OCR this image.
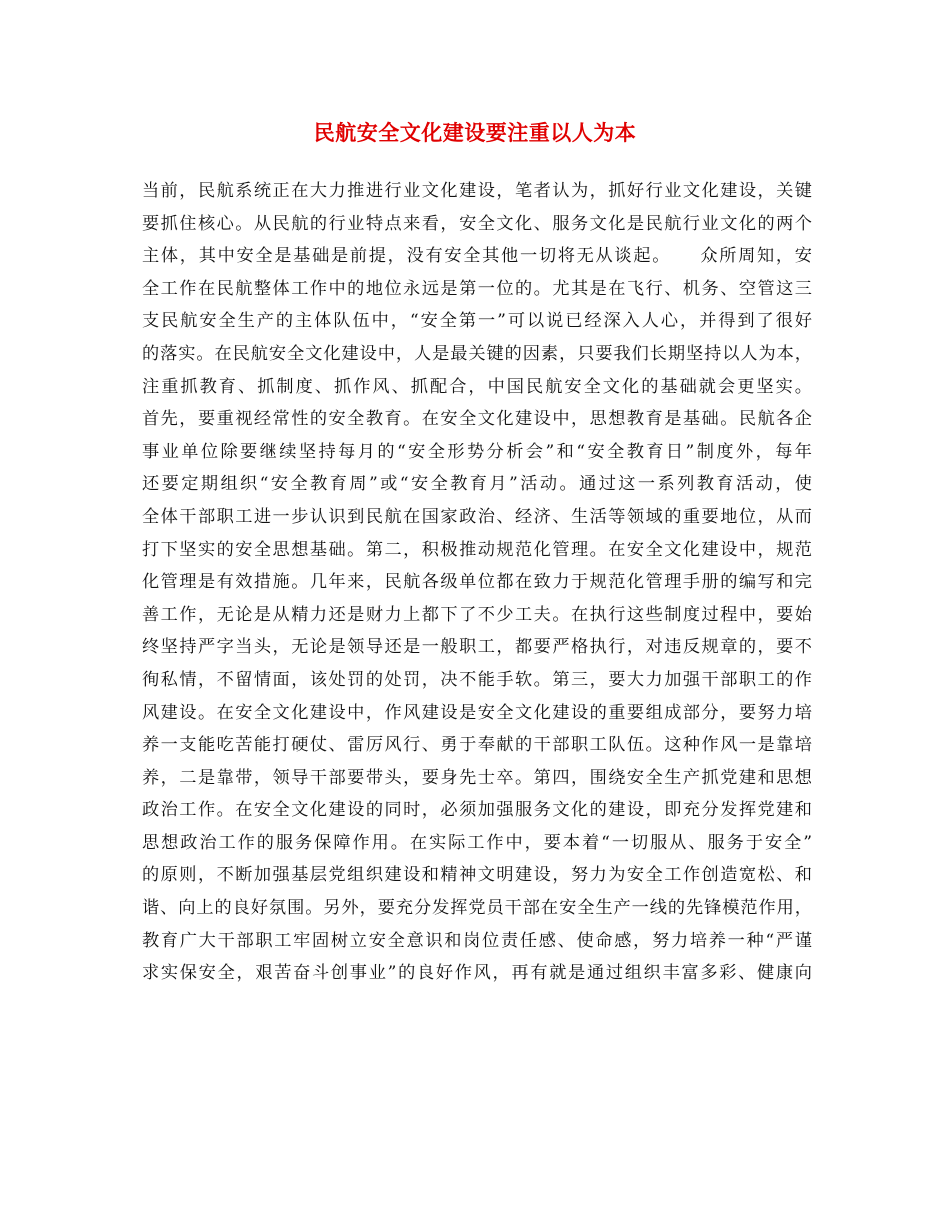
民航安全文化建设要注重以人为本
当前，民航系统正在大力推进行业文化建设，笔者认为，抓好行业文化建设，关键
要抓住核心。从民航的行业特点来看，安全文化、服务文化是民航行业文化的两个
主体，其中安全是基础是前提，没有安全其他一切将无从谈起。　　众所周知，安
全工作在民航整体工作中的地位永远是第一位的。尤其是在飞行、机务、空管这三
支民航安全生产的主体队伍中，“安全第一”可以说已经深入人心，并得到了很好
的落实。在民航安全文化建设中，人是最关键的因素，只要我们长期坚持以人为本，
注重抓教育、抓制度、抓作风、抓配合，中国民航安全文化的基础就会更坚实。
首先，要重视经常性的安全教育。在安全文化建设中，思想教育是基础。民航各企
事业单位除要继续坚持每月的“安全形势分析会”和“安全教育日”制度外，每年
还要定期组织“安全教育周”或“安全教育月”活动。通过这一系列教育活动，使
全体干部职工进一步认识到民航在国家政治、经济、生活等领域的重要地位，从而
打下坚实的安全思想基础。第二，积极推动规范化管理。在安全文化建设中，规范
化管理是有效措施。几年来，民航各级单位都在致力于规范化管理手册的编写和完
善工作，无论是从精力还是财力上都下了不少工夫。在执行这些制度过程中，要始
终坚持严字当头，无论是领导还是一般职工，都要严格执行，对违反规章的，要不
徇私情，不留情面，该处罚的处罚，决不能手软。第三，要大力加强干部职工的作
风建设。在安全文化建设中，作风建设是安全文化建设的重要组成部分，要努力培
养一支能吃苦能打硬仗、雷厉风行、勇于奉献的干部职工队伍。这种作风一是靠培
养，二是靠带，领导干部要带头，要身先士卒。第四，围绕安全生产抓党建和思想
政治工作。在安全文化建设的同时，必须加强服务文化的建设，即充分发挥党建和
思想政治工作的服务保障作用。在实际工作中，要本着“一切服从、服务于安全”
的原则，不断加强基层党组织建设和精神文明建设，努力为安全工作创造宽松、和
谐、向上的良好氛围。另外，要充分发挥党员干部在安全生产一线的先锋模范作用，
教育广大干部职工牢固树立安全意识和岗位责任感、使命感，努力培养一种“严谨
求实保安全，艰苦奋斗创事业”的良好作风，再有就是通过组织丰富多彩、健康向
